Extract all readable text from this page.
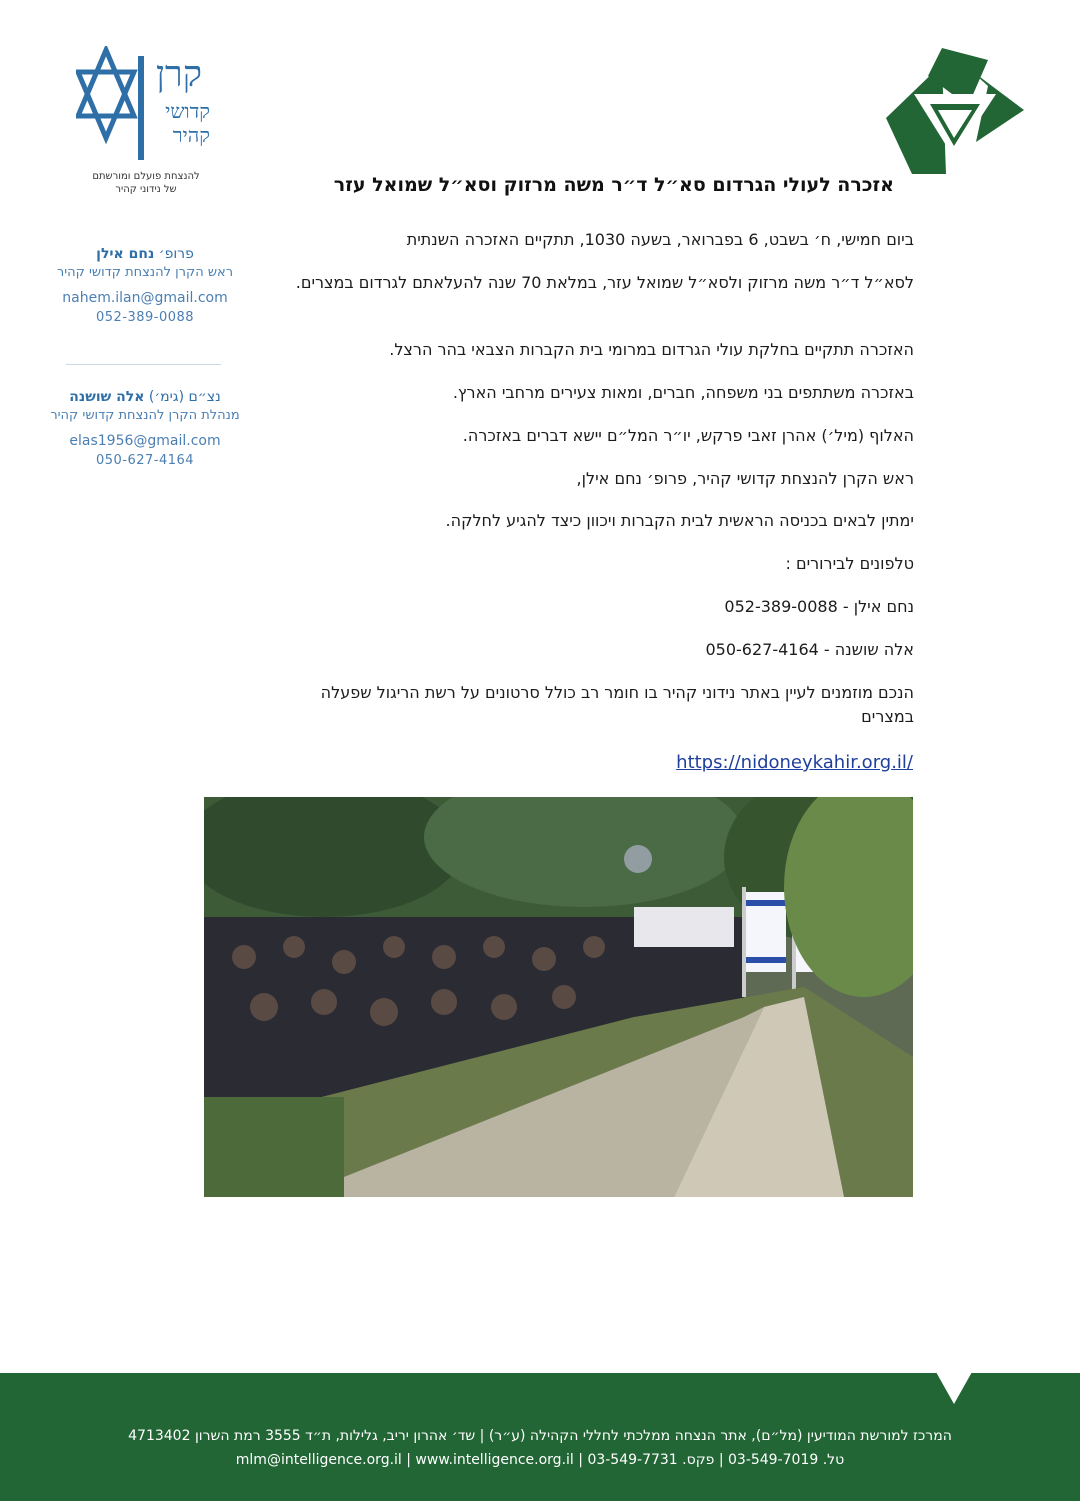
קרן
קדושי
קהיר
להנצחת פועלם ומורשתם
של נידוני קהיר
פרופ׳ נחם אילן
ראש הקרן להנצחת קדושי קהיר
nahem.ilan@gmail.com
052-389-0088
נצ״ם (גימ׳) אלה שושנה
מנהלת הקרן להנצחת קדושי קהיר
elas1956@gmail.com
050-627-4164
אזכרה לעולי הגרדום סא״ל ד״ר משה מרזוק וסא״ל שמואל עזר
ביום חמישי, ח׳ בשבט, 6 בפברואר, בשעה 1030, תתקיים האזכרה השנתית
לסא״ל ד״ר משה מרזוק ולסא״ל שמואל עזר, במלאת 70 שנה להעלאתם לגרדום במצרים.
האזכרה תתקיים בחלקת עולי הגרדום במרומי בית הקברות הצבאי בהר הרצל.
באזכרה משתתפים בני משפחה, חברים, ומאות צעירים מרחבי הארץ.
האלוף (מיל׳) אהרן זאבי פרקש, יו״ר המל״ם יישא דברים באזכרה.
ראש הקרן להנצחת קדושי קהיר, פרופ׳ נחם אילן,
ימתין לבאים בכניסה הראשית לבית הקברות ויכוון כיצד להגיע לחלקה.
טלפונים לבירורים :
נחם אילן - 052-389-0088
אלה שושנה - 050-627-4164
הנכם מוזמנים לעיין באתר נידוני קהיר בו חומר רב כולל סרטונים על רשת הריגול שפעלה במצרים
https://nidoneykahir.org.il/
המרכז למורשת המודיעין (מל״ם), אתר הנצחה ממלכתי לחללי הקהילה (ע״ר) | שד׳ אהרון יריב, גלילות, ת״ד 3555 רמת השרון 4713402
טל. 03-549-7019 | פקס. 03-549-7731 | mlm@intelligence.org.il | www.intelligence.org.il
